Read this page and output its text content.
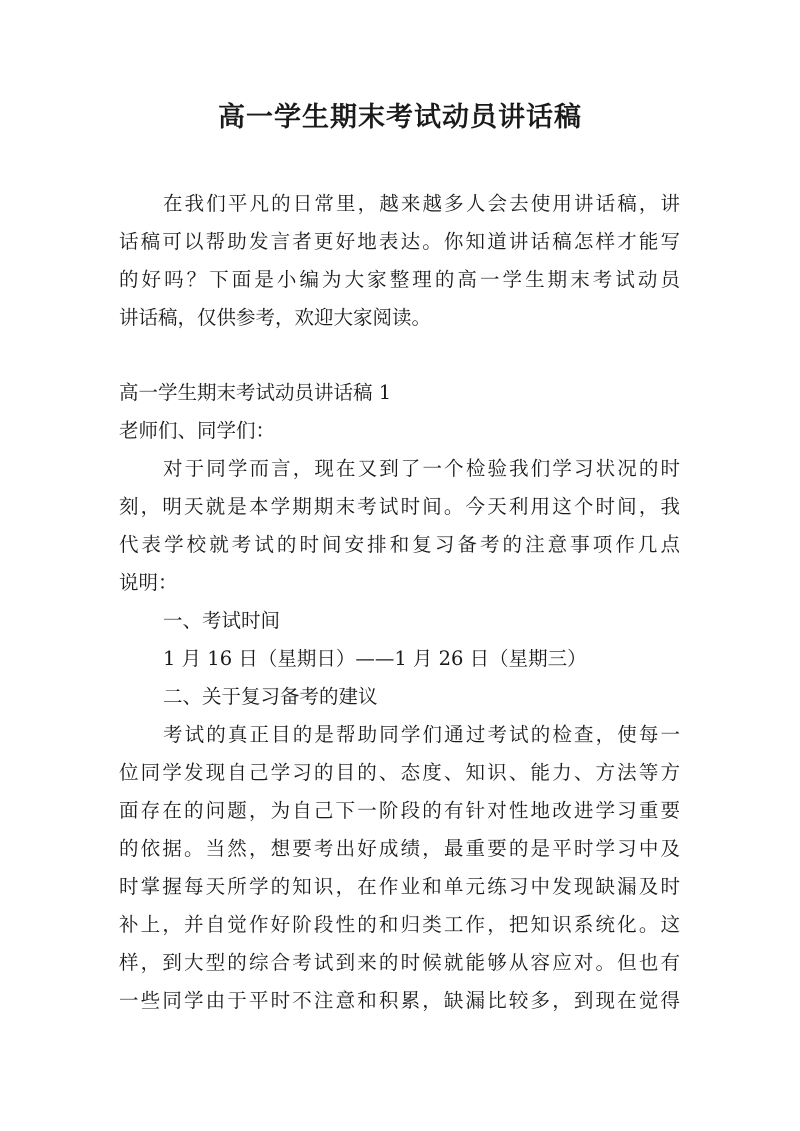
高一学生期末考试动员讲话稿
在我们平凡的日常里，越来越多人会去使用讲话稿，讲
话稿可以帮助发言者更好地表达。你知道讲话稿怎样才能写
的好吗？下面是小编为大家整理的高一学生期末考试动员
讲话稿，仅供参考，欢迎大家阅读。
高一学生期末考试动员讲话稿 1
老师们、同学们：
对于同学而言，现在又到了一个检验我们学习状况的时
刻，明天就是本学期期末考试时间。今天利用这个时间，我
代表学校就考试的时间安排和复习备考的注意事项作几点
说明：
一、考试时间
1 月 16 日（星期日）——1 月 26 日（星期三）
二、关于复习备考的建议
考试的真正目的是帮助同学们通过考试的检查，使每一
位同学发现自己学习的目的、态度、知识、能力、方法等方
面存在的问题，为自己下一阶段的有针对性地改进学习重要
的依据。当然，想要考出好成绩，最重要的是平时学习中及
时掌握每天所学的知识，在作业和单元练习中发现缺漏及时
补上，并自觉作好阶段性的和归类工作，把知识系统化。这
样，到大型的综合考试到来的时候就能够从容应对。但也有
一些同学由于平时不注意和积累，缺漏比较多，到现在觉得
